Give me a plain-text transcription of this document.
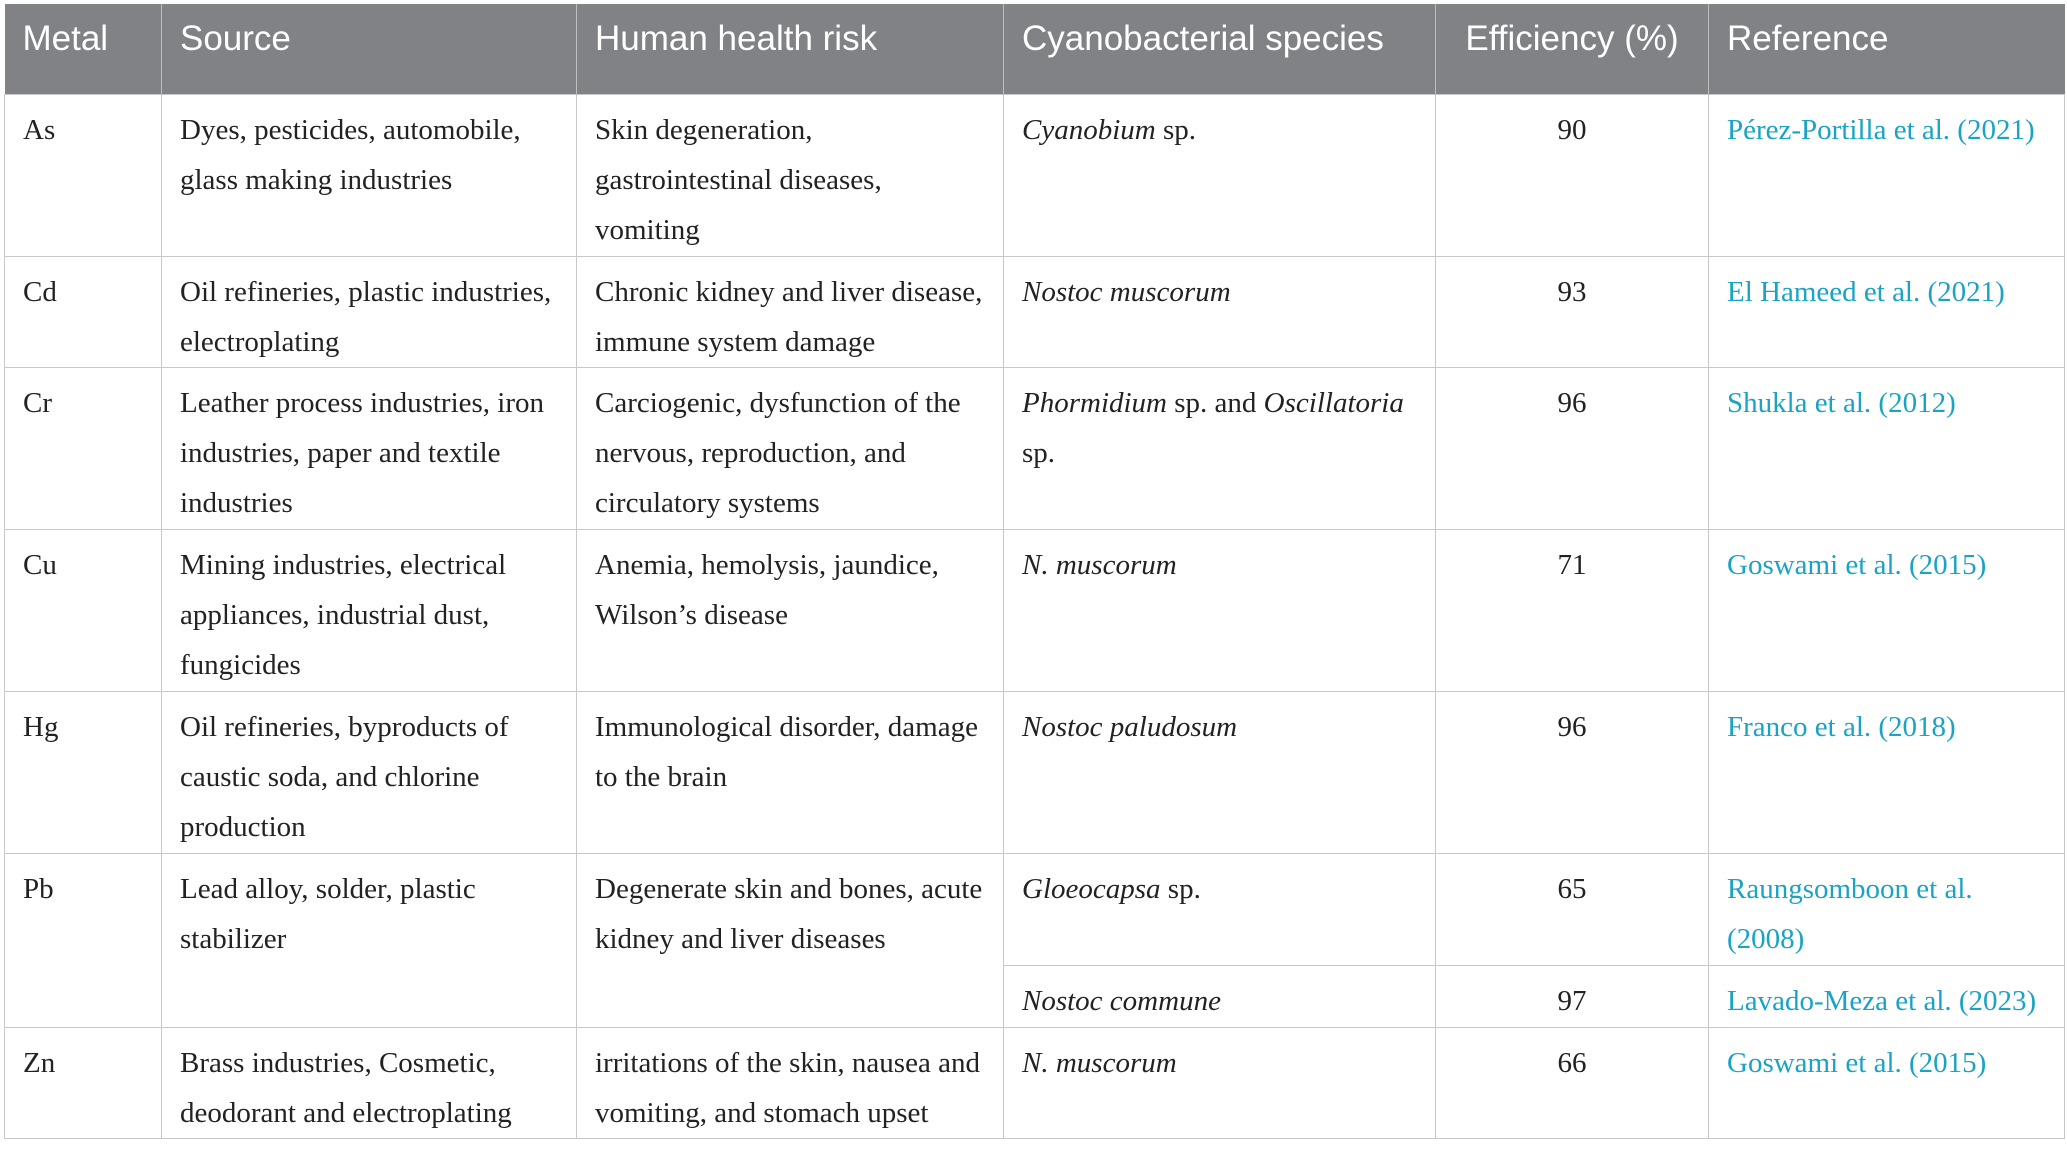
Metal	Source	Human health risk	Cyanobacterial species	Efficiency (%)	Reference
As	Dyes, pesticides, automobile, glass making industries	Skin degeneration, gastrointestinal diseases, vomiting	Cyanobium sp.	90	Pérez-Portilla et al. (2021)
Cd	Oil refineries, plastic industries, electroplating	Chronic kidney and liver disease, immune system damage	Nostoc muscorum	93	El Hameed et al. (2021)
Cr	Leather process industries, iron industries, paper and textile industries	Carciogenic, dysfunction of the nervous, reproduction, and circulatory systems	Phormidium sp. and Oscillatoria sp.	96	Shukla et al. (2012)
Cu	Mining industries, electrical appliances, industrial dust, fungicides	Anemia, hemolysis, jaundice, Wilson’s disease	N. muscorum	71	Goswami et al. (2015)
Hg	Oil refineries, byproducts of caustic soda, and chlorine production	Immunological disorder, damage to the brain	Nostoc paludosum	96	Franco et al. (2018)
Pb	Lead alloy, solder, plastic stabilizer	Degenerate skin and bones, acute kidney and liver diseases	Gloeocapsa sp.	65	Raungsomboon et al. (2008)
			Nostoc commune	97	Lavado-Meza et al. (2023)
Zn	Brass industries, Cosmetic, deodorant and electroplating	irritations of the skin, nausea and vomiting, and stomach upset	N. muscorum	66	Goswami et al. (2015)
